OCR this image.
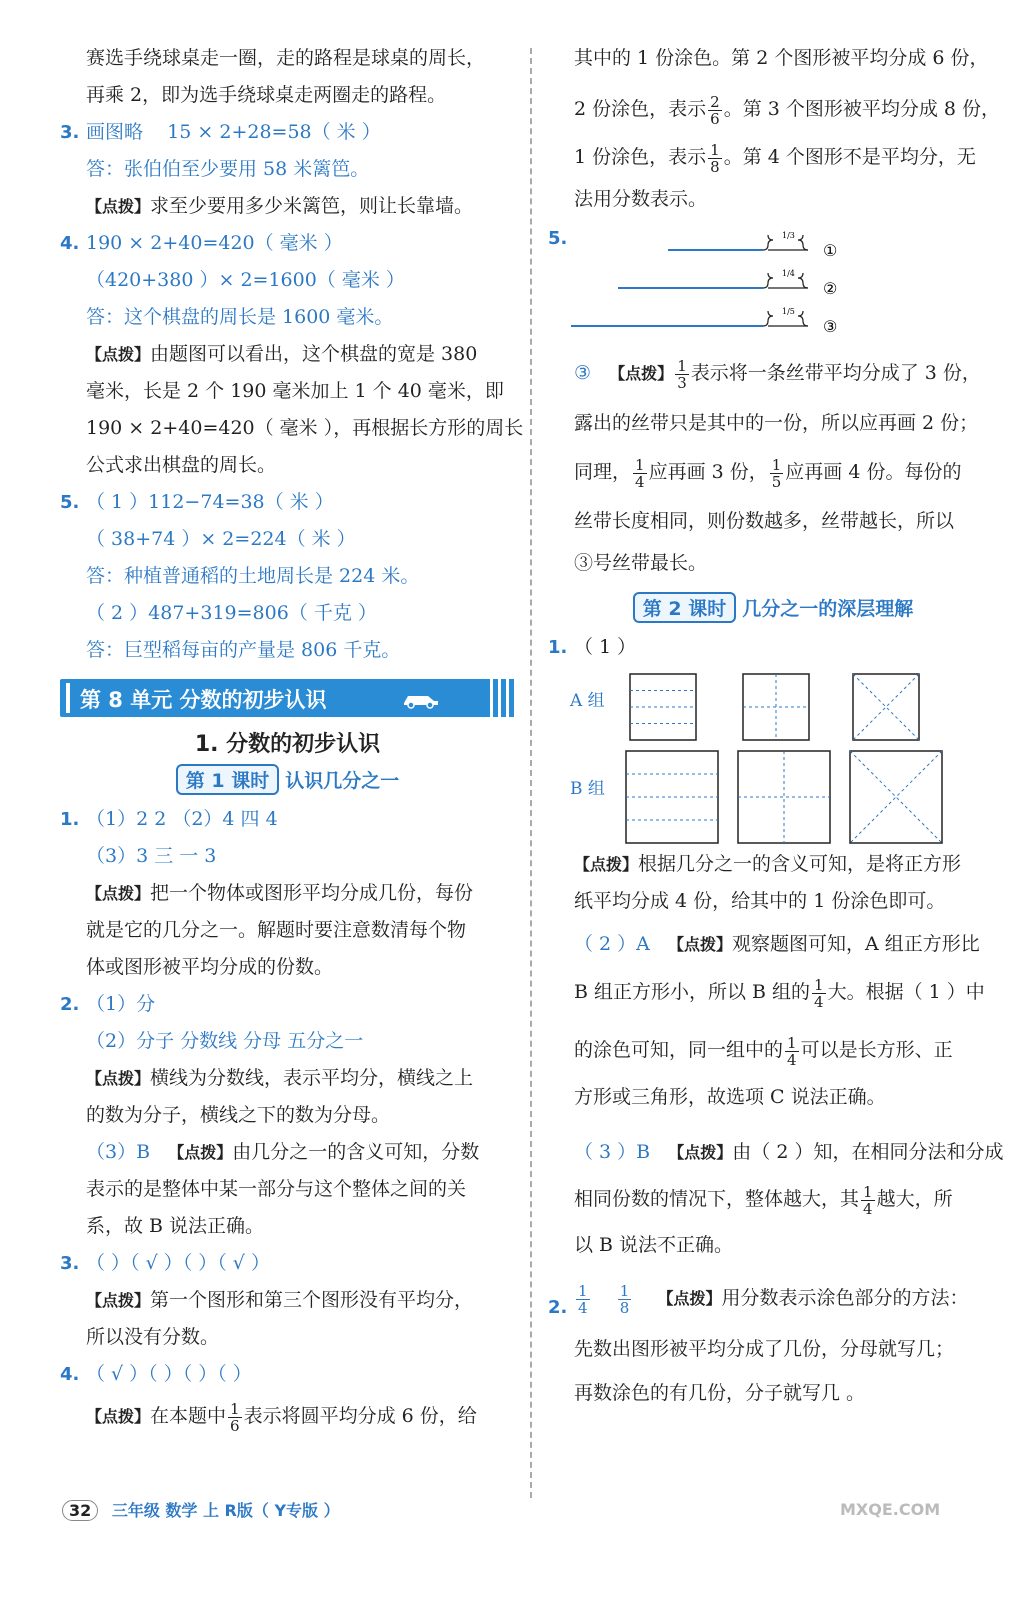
赛选手绕球桌走一圈，走的路程是球桌的周长，
再乘 2，即为选手绕球桌走两圈走的路程。
3. 画图略 15 × 2+28=58（ 米 ）
答：张伯伯至少要用 58 米篱笆。
【点拨】求至少要用多少米篱笆，则让长靠墙。
4. 190 × 2+40=420（ 毫米 ）
（420+380 ）× 2=1600（ 毫米 ）
答：这个棋盘的周长是 1600 毫米。
【点拨】由题图可以看出，这个棋盘的宽是 380
毫米，长是 2 个 190 毫米加上 1 个 40 毫米，即
190 × 2+40=420（ 毫米 ），再根据长方形的周长
公式求出棋盘的周长。
5. （ 1 ）112−74=38（ 米 ）
（ 38+74 ）× 2=224（ 米 ）
答：种植普通稻的土地周长是 224 米。
（ 2 ）487+319=806（ 千克 ）
答：巨型稻每亩的产量是 806 千克。
第 8 单元 分数的初步认识
1. 分数的初步认识
第 1 课时 认识几分之一
1. （1）2 2 （2）4 四 4
（3）3 三 一 3
【点拨】把一个物体或图形平均分成几份，每份
就是它的几分之一。解题时要注意数清每个物
体或图形被平均分成的份数。
2. （1）分
（2）分子 分数线 分母 五分之一
【点拨】横线为分数线，表示平均分，横线之上
的数为分子，横线之下的数为分母。
（3）B 【点拨】由几分之一的含义可知，分数
表示的是整体中某一部分与这个整体之间的关
系，故 B 说法正确。
3. （ ）（ √ ）（ ）（ √ ）
【点拨】第一个图形和第三个图形没有平均分，
所以没有分数。
4. （ √ ）（ ）（ ）（ ）
【点拨】在本题中 $\frac{1}{6}$ 表示将圆平均分成 6 份，给
其中的 1 份涂色。第 2 个图形被平均分成 6 份，
2 份涂色，表示 $\frac{2}{6}$ 。第 3 个图形被平均分成 8 份，
1 份涂色，表示 $\frac{1}{8}$ 。第 4 个图形不是平均分，无
法用分数表示。
5.	1/3
①
1/4
②
1/5
③
③ 【点拨】 $\frac{1}{3}$ 表示将一条丝带平均分成了 3 份，
露出的丝带只是其中的一份，所以应再画 2 份；
同理， $\frac{1}{4}$ 应再画 3 份， $\frac{1}{5}$ 应再画 4 份。每份的
丝带长度相同，则份数越多，丝带越长，所以
③号丝带最长。
第 2 课时 几分之一的深层理解
1. （ 1 ）
A 组
B 组
【点拨】根据几分之一的含义可知，是将正方形
纸平均分成 4 份，给其中的 1 份涂色即可。
（ 2 ）A 【点拨】观察题图可知，A 组正方形比
B 组正方形小，所以 B 组的 $\frac{1}{4}$ 大。根据（ 1 ）中
的涂色可知，同一组中的 $\frac{1}{4}$ 可以是长方形、正
方形或三角形，故选项 C 说法正确。
（ 3 ）B 【点拨】由（ 2 ）知，在相同分法和分成
相同份数的情况下，整体越大，其 $\frac{1}{4}$ 越大，所
以 B 说法不正确。
2. $\frac{1}{4}$
$\frac{1}{8}$ 【点拨】用分数表示涂色部分的方法：
先数出图形被平均分成了几份，分母就写几；
再数涂色的有几份，分子就写几 。
32 三年级 数学 上 R版（ Y专版 ）	MXQE.COM
